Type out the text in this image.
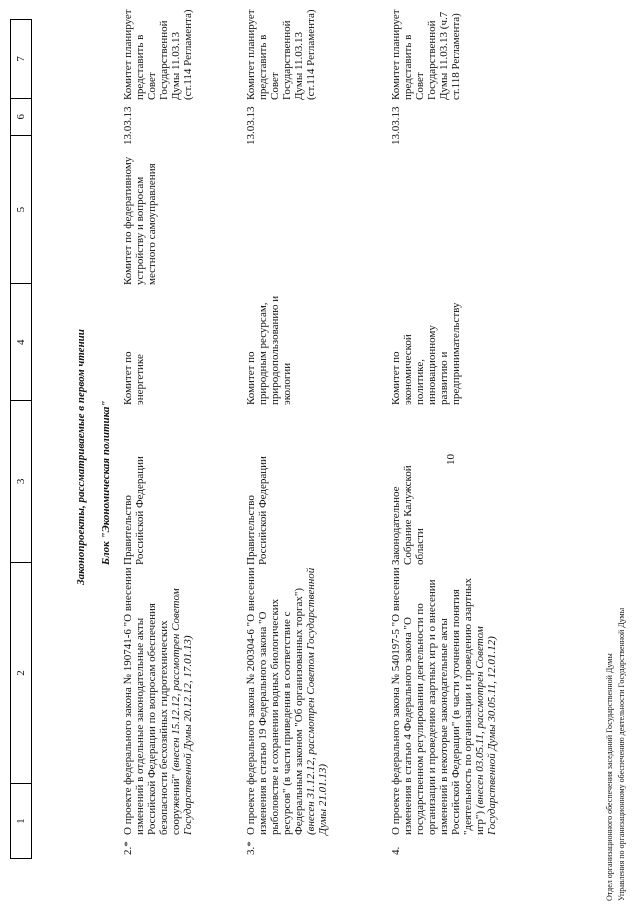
10
1
2
3
4
5
6
7
Законопроекты, рассматриваемые в первом чтении Блок "Экономическая политика"
2.*
О проекте федерального закона № 190741-6 "О внесении изменений в отдельные законодательные акты Российской Федерации по вопросам обеспечения безопасности бесхозяйных гидротехнических сооружений" (внесен 15.12.12, рассмотрен Советом Государственной Думы 20.12.12, 17.01.13)
Правительство Российской Федерации
Комитет по энергетике
Комитет по федеративному устройству и вопросам местного самоуправления
13.03.13
Комитет планирует представить в Совет Государственной Думы 11.03.13 (ст.114 Регламента)
3.*
О проекте федерального закона № 200304-6 "О внесении изменения в статью 19 Федерального закона "О рыболовстве и сохранении водных биологических ресурсов" (в части приведения в соответствие с Федеральным законом "Об организованных торгах") (внесен 31.12.12, рассмотрен Советом Государственной Думы 21.01.13)
Правительство Российской Федерации
Комитет по природным ресурсам, природопользованию и экологии
13.03.13
Комитет планирует представить в Совет Государственной Думы 11.03.13 (ст.114 Регламента)
4.
О проекте федерального закона № 540197-5 "О внесении изменения в статью 4 Федерального закона "О государственном регулировании деятельности по организации и проведению азартных игр и о внесении изменений в некоторые законодательные акты Российской Федерации" (в части уточнения понятия "деятельность по организации и проведению азартных игр") (внесен 03.05.11, рассмотрен Советом Государственной Думы 30.05.11, 12.01.12)
Законодательное Собрание Калужской области
Комитет по экономической политике, инновационному развитию и предпринимательству
13.03.13
Комитет планирует представить в Совет Государственной Думы 11.03.13 (ч.7 ст.118 Регламента)
Отдел организационного обеспечения заседаний Государственной Думы Управления по организационному обеспечению деятельности Государственной Думы
